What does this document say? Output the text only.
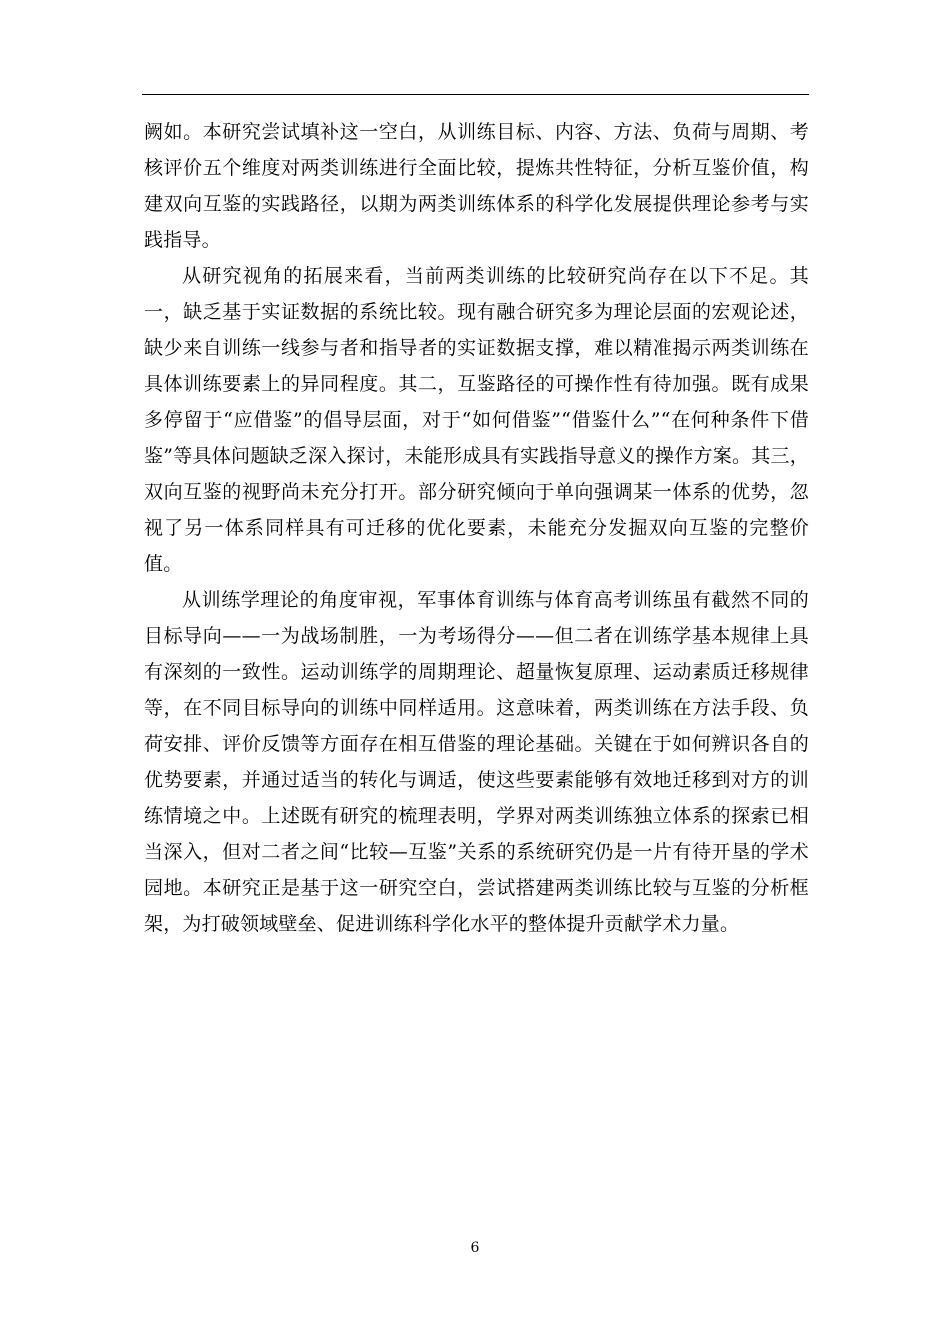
阙如。本研究尝试填补这一空白，从训练目标、内容、方法、负荷与周期、考核评价五个维度对两类训练进行全面比较，提炼共性特征，分析互鉴价值，构建双向互鉴的实践路径，以期为两类训练体系的科学化发展提供理论参考与实践指导。

从研究视角的拓展来看，当前两类训练的比较研究尚存在以下不足。其一，缺乏基于实证数据的系统比较。现有融合研究多为理论层面的宏观论述，缺少来自训练一线参与者和指导者的实证数据支撑，难以精准揭示两类训练在具体训练要素上的异同程度。其二，互鉴路径的可操作性有待加强。既有成果多停留于“应借鉴”的倡导层面，对于“如何借鉴”“借鉴什么”“在何种条件下借鉴”等具体问题缺乏深入探讨，未能形成具有实践指导意义的操作方案。其三，双向互鉴的视野尚未充分打开。部分研究倾向于单向强调某一体系的优势，忽视了另一体系同样具有可迁移的优化要素，未能充分发掘双向互鉴的完整价值。

从训练学理论的角度审视，军事体育训练与体育高考训练虽有截然不同的目标导向——一为战场制胜，一为考场得分——但二者在训练学基本规律上具有深刻的一致性。运动训练学的周期理论、超量恢复原理、运动素质迁移规律等，在不同目标导向的训练中同样适用。这意味着，两类训练在方法手段、负荷安排、评价反馈等方面存在相互借鉴的理论基础。关键在于如何辨识各自的优势要素，并通过适当的转化与调适，使这些要素能够有效地迁移到对方的训练情境之中。上述既有研究的梳理表明，学界对两类训练独立体系的探索已相当深入，但对二者之间“比较—互鉴”关系的系统研究仍是一片有待开垦的学术园地。本研究正是基于这一研究空白，尝试搭建两类训练比较与互鉴的分析框架，为打破领域壁垒、促进训练科学化水平的整体提升贡献学术力量。

6
